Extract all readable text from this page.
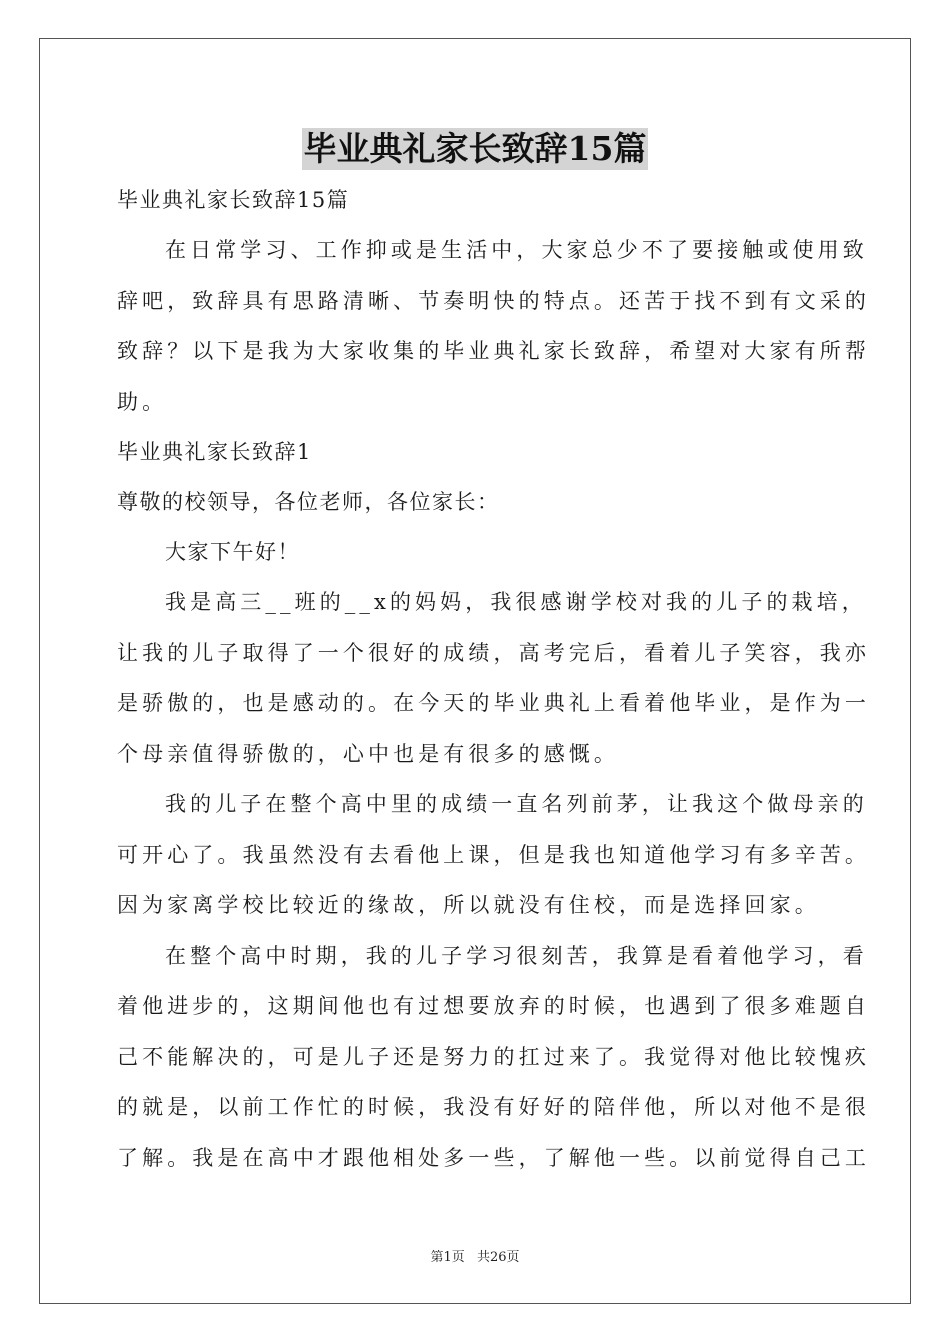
毕业典礼家长致辞15篇
毕业典礼家长致辞15篇
在日常学习、工作抑或是生活中，大家总少不了要接触或使用致
辞吧，致辞具有思路清晰、节奏明快的特点。还苦于找不到有文采的
致辞？以下是我为大家收集的毕业典礼家长致辞，希望对大家有所帮
助。
毕业典礼家长致辞1
尊敬的校领导，各位老师，各位家长：
大家下午好！
我是高三__班的__x的妈妈，我很感谢学校对我的儿子的栽培，
让我的儿子取得了一个很好的成绩，高考完后，看着儿子笑容，我亦
是骄傲的，也是感动的。在今天的毕业典礼上看着他毕业，是作为一
个母亲值得骄傲的，心中也是有很多的感慨。
我的儿子在整个高中里的成绩一直名列前茅，让我这个做母亲的
可开心了。我虽然没有去看他上课，但是我也知道他学习有多辛苦。
因为家离学校比较近的缘故，所以就没有住校，而是选择回家。
在整个高中时期，我的儿子学习很刻苦，我算是看着他学习，看
着他进步的，这期间他也有过想要放弃的时候，也遇到了很多难题自
己不能解决的，可是儿子还是努力的扛过来了。我觉得对他比较愧疚
的就是，以前工作忙的时候，我没有好好的陪伴他，所以对他不是很
了解。我是在高中才跟他相处多一些，了解他一些。以前觉得自己工
第1页 共26页
